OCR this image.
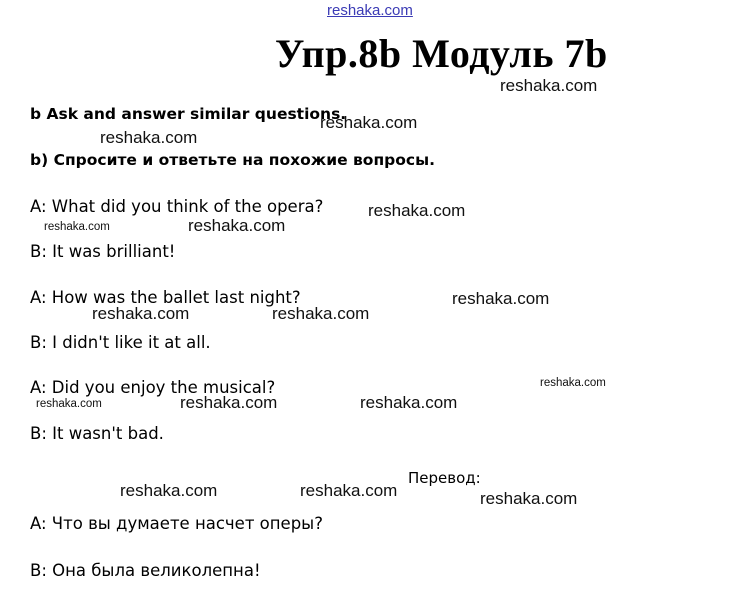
reshaka.com
Упр.8b Модуль 7b
b Ask and answer similar questions.
b) Спросите и ответьте на похожие вопросы.
A: What did you think of the opera?
B: It was brilliant!
A: How was the ballet last night?
B: I didn't like it at all.
A: Did you enjoy the musical?
B: It wasn't bad.
Перевод:
A: Что вы думаете насчет оперы?
B: Она была великолепна!
reshaka.com
reshaka.com
reshaka.com
reshaka.com
reshaka.com	reshaka.com
reshaka.com
reshaka.com	reshaka.com
reshaka.com
reshaka.com	reshaka.com	reshaka.com
reshaka.com	reshaka.com	reshaka.com
